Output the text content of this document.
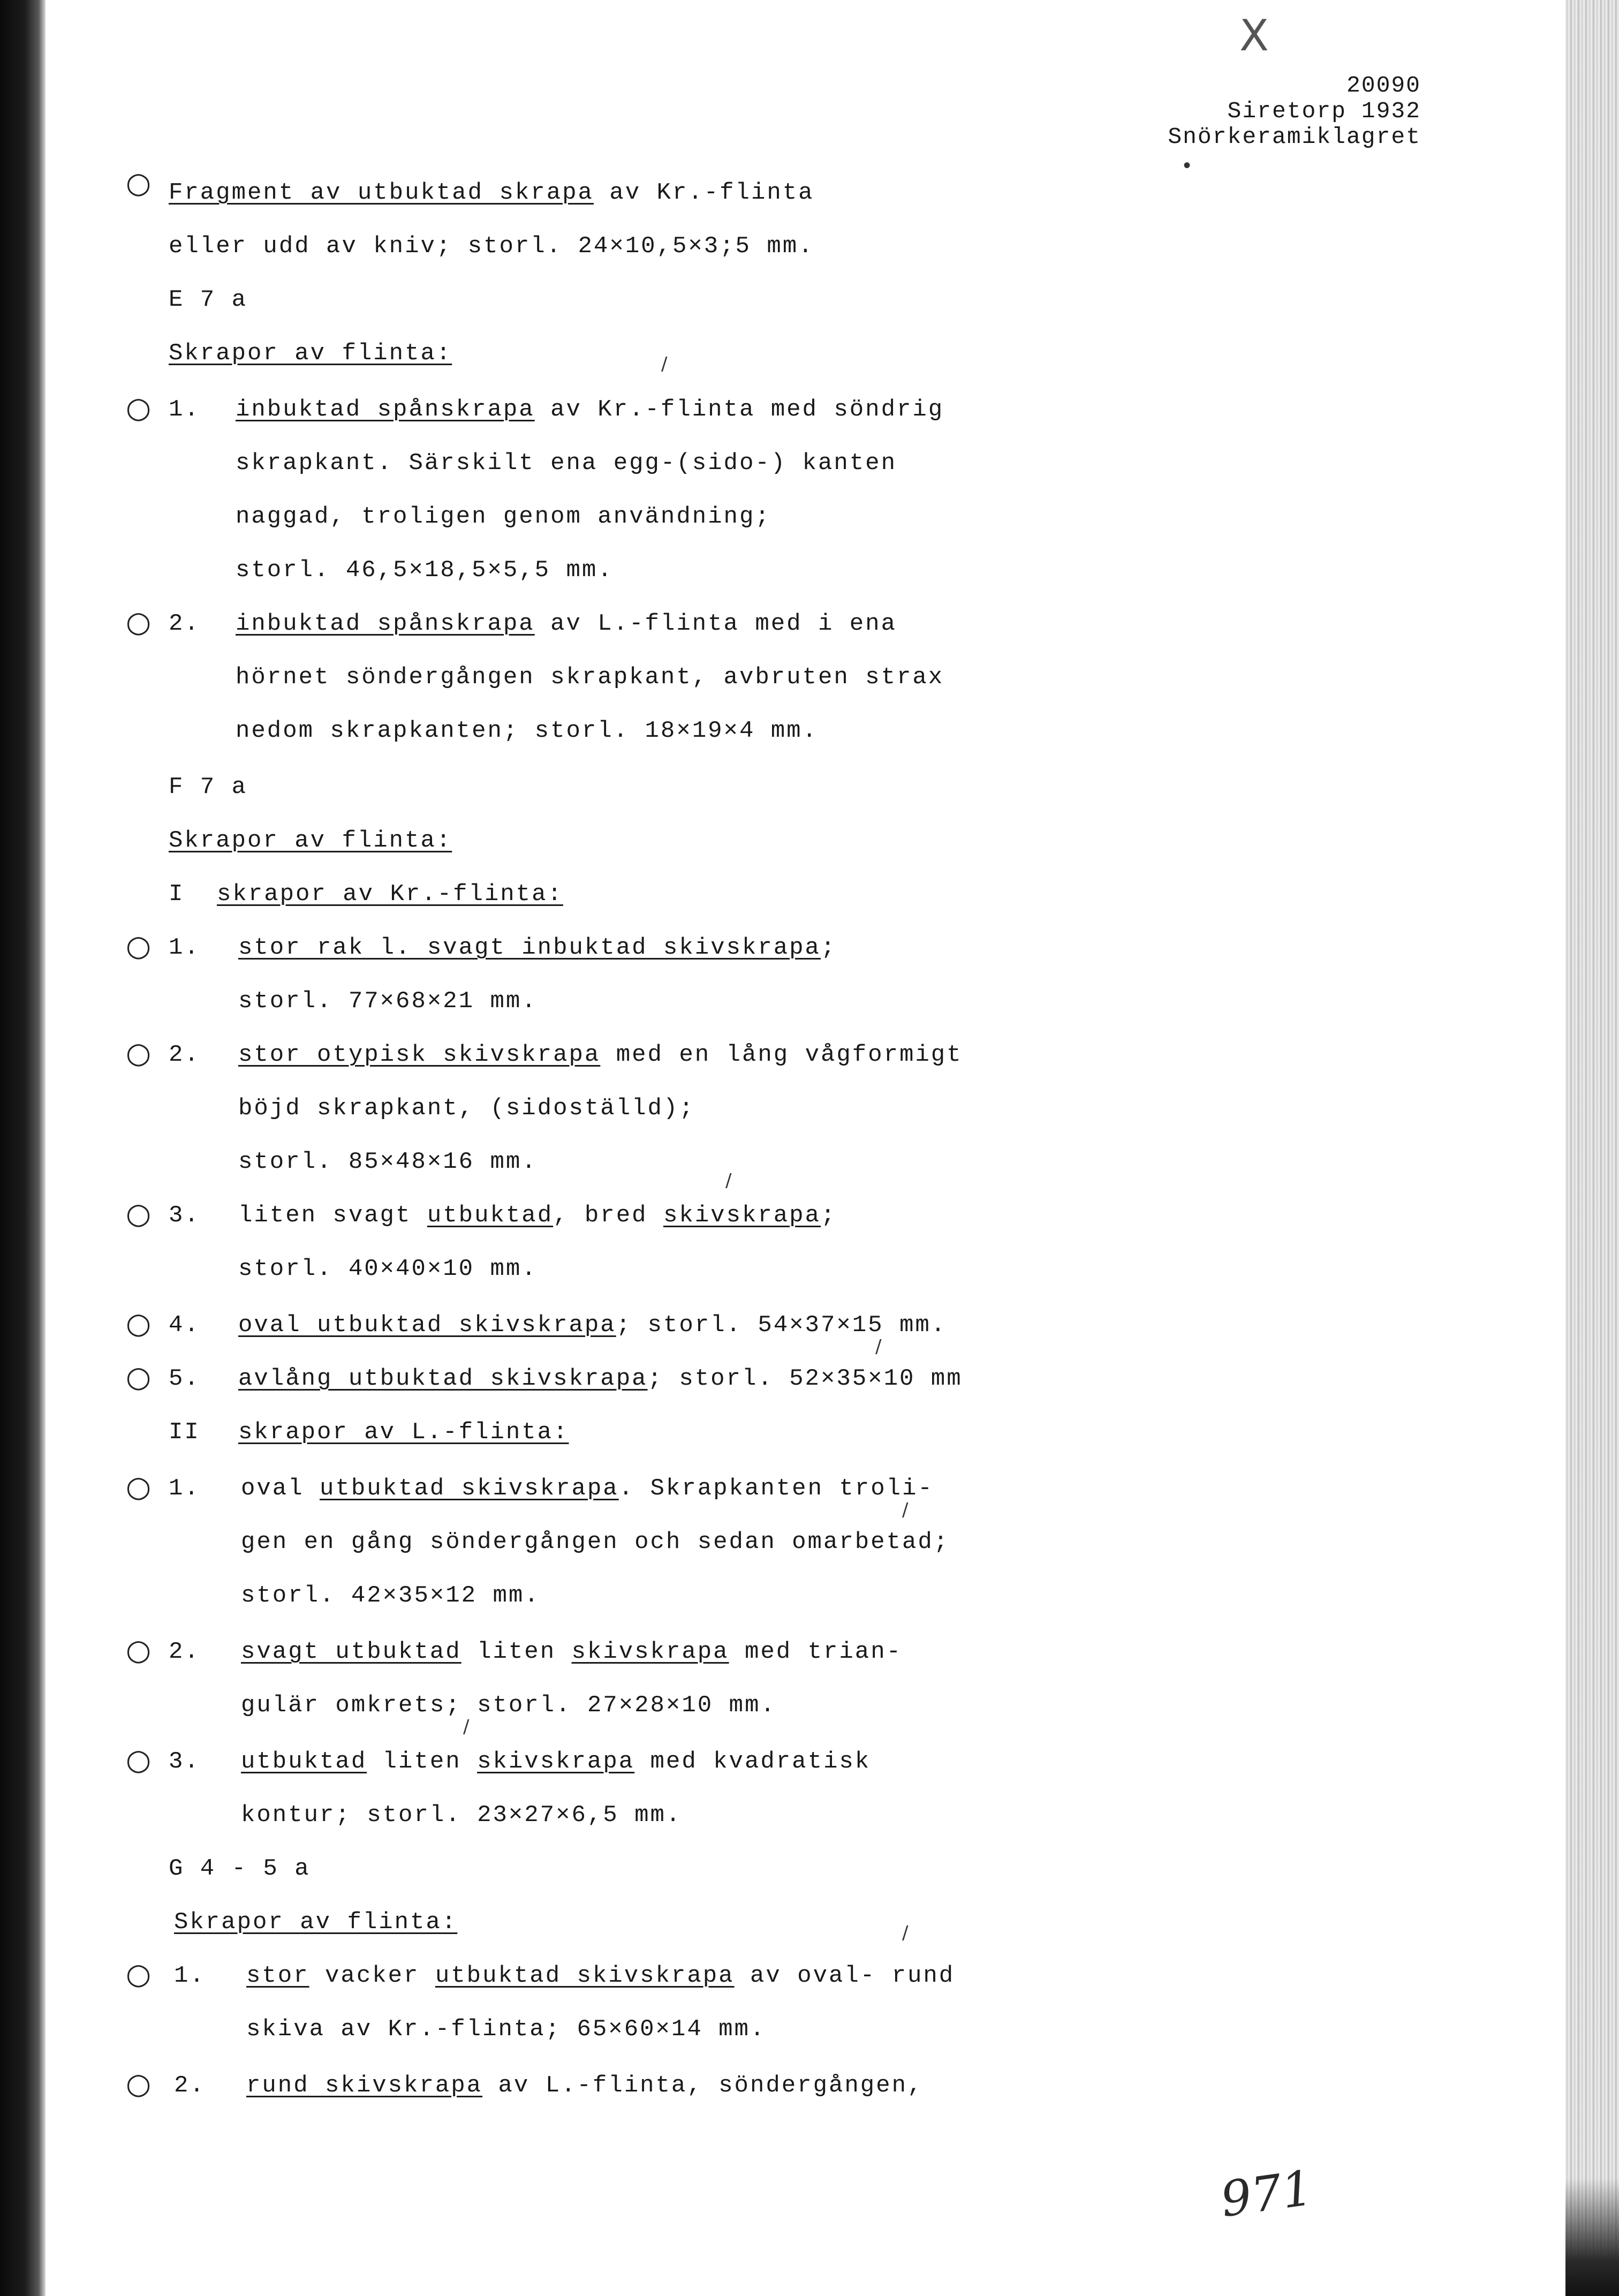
X
20090
Siretorp 1932
Snörkeramiklagret
•
○ Fragment av utbuktad skrapa av Kr.-flinta
eller udd av kniv; storl. 24×10,5×3;5 mm.
E 7 a
Skrapor av flinta:	/
○ 1. inbuktad spånskrapa av Kr.-flinta med söndrig
skrapkant. Särskilt ena egg-(sido-) kanten
naggad, troligen genom användning;
storl. 46,5×18,5×5,5 mm.
○ 2. inbuktad spånskrapa av L.-flinta med i ena
hörnet söndergången skrapkant, avbruten strax
nedom skrapkanten; storl. 18×19×4 mm.
F 7 a
Skrapor av flinta:
I skrapor av Kr.-flinta:
○ 1. stor rak l. svagt inbuktad skivskrapa;
storl. 77×68×21 mm.
○ 2. stor otypisk skivskrapa med en lång vågformigt
böjd skrapkant, (sidoställd);
storl. 85×48×16 mm.
/
○ 3. liten svagt utbuktad, bred skivskrapa;
storl. 40×40×10 mm.
○ 4. oval utbuktad skivskrapa; storl. 54×37×15 mm.
/
○ 5. avlång utbuktad skivskrapa; storl. 52×35×10 mm
II skrapor av L.-flinta:
○ 1. oval utbuktad skivskrapa. Skrapkanten troli-
/
gen en gång söndergången och sedan omarbetad;
storl. 42×35×12 mm.
○ 2. svagt utbuktad liten skivskrapa med trian-
gulär omkrets; storl. 27×28×10 mm.
/
○ 3. utbuktad liten skivskrapa med kvadratisk
kontur; storl. 23×27×6,5 mm.
G 4 - 5 a
Skrapor av flinta:	/
○ 1. stor vacker utbuktad skivskrapa av oval- rund
skiva av Kr.-flinta; 65×60×14 mm.
○ 2. rund skivskrapa av L.-flinta, söndergången,
971
